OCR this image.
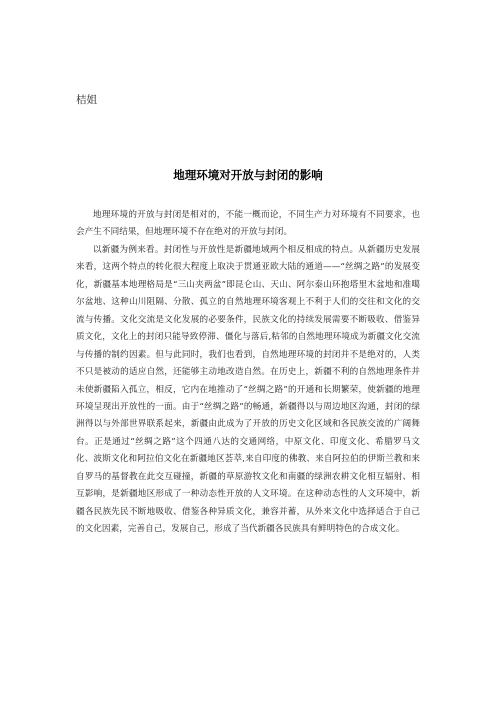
桔姐
地理环境对开放与封闭的影响

地理环境的开放与封闭是相对的，不能一概而论，不同生产力对环境有不同要求，也会产生不同结果，但地理环境不存在绝对的开放与封闭。

以新疆为例来看。封闭性与开放性是新疆地域两个相反相成的特点。从新疆历史发展来看，这两个特点的转化很大程度上取决于贯通亚欧大陆的通道——“丝绸之路”的发展变化，新疆基本地理格局是“三山夹两盆”即昆仑山、天山、阿尔泰山环抱塔里木盆地和准噶尔盆地、这种山川阻隔、分散、孤立的自然地理环境客观上不利于人们的交往和文化的交流与传播。文化交流是文化发展的必要条件，民族文化的持续发展需要不断吸收、借鉴异质文化，文化上的封闭只能导致停滞、僵化与落后,粘邻的自然地理环境成为新疆文化交流与传播的制约因素。但与此同时，我们也看到，自然地理环境的封闭并不是绝对的，人类不只是被动的适应自然，还能够主动地改造自然。在历史上，新疆不利的自然地理条件并未使新疆陷入孤立，相反，它内在地推动了“丝绸之路”的开通和长期繁荣，使新疆的地理环境呈现出开放性的一面。由于“丝绸之路”的畅通，新疆得以与周边地区沟通，封闭的绿洲得以与外部世界联系起来，新疆由此成为了开放的历史文化区域和各民族交流的广阔舞台。正是通过“丝绸之路”这个四通八达的交通网络，中原文化、印度文化、希腊罗马文化、波斯文化和阿拉伯文化在新疆地区荟萃,来自印度的佛教、来自阿拉伯的伊斯兰教和来自罗马的基督教在此交互碰撞，新疆的草原游牧文化和南疆的绿洲农耕文化相互辐射、相互影响，是新疆地区形成了一种动态性开放的人文环境。在这种动态性的人文环境中，新疆各民族先民不断地吸收、借鉴各种异质文化，兼容并蓄，从外来文化中选择适合于自己的文化因素，完善自己，发展自己，形成了当代新疆各民族具有鲜明特色的合成文化。
